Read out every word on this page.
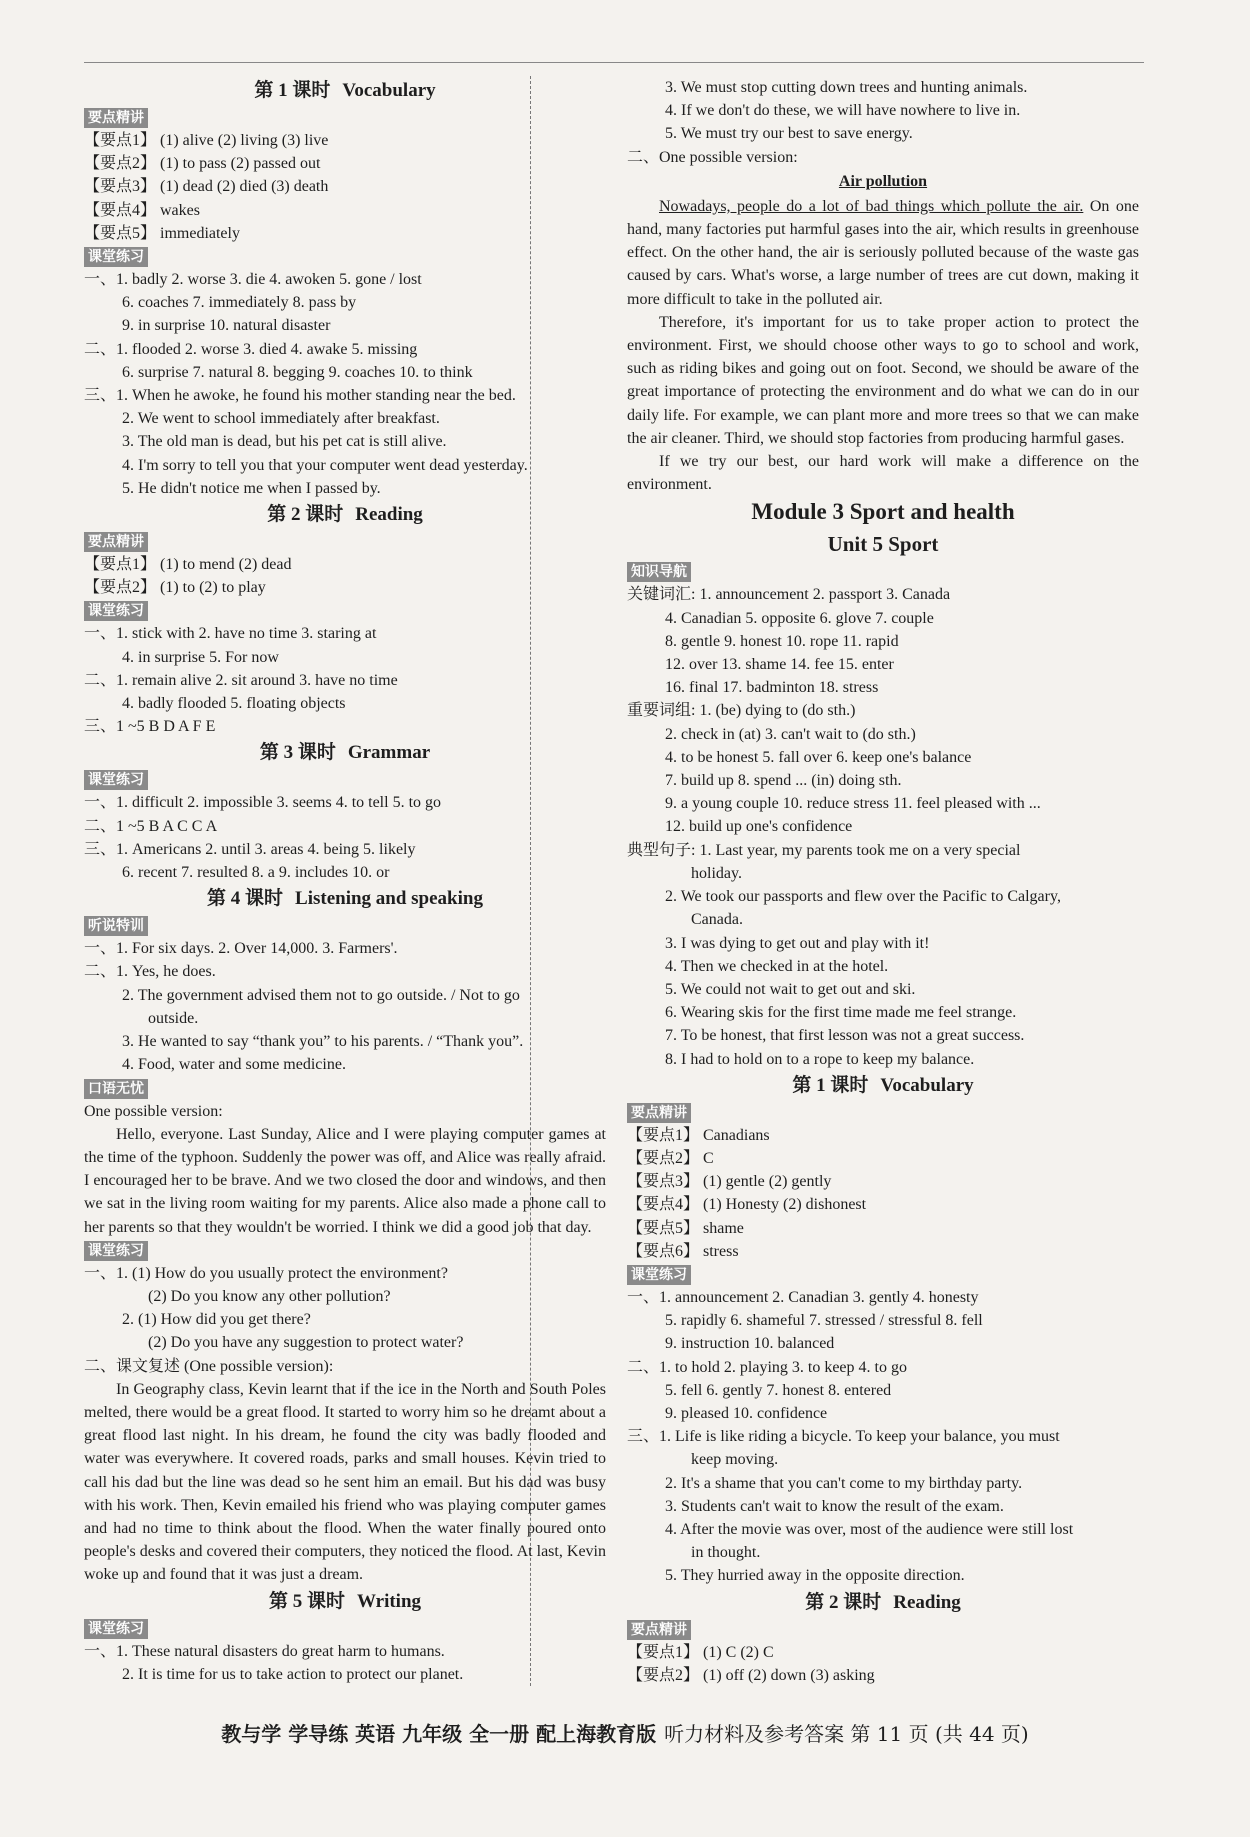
第 1 课时 Vocabulary
要点精讲
【要点1】 (1) alive (2) living (3) live
【要点2】 (1) to pass (2) passed out
【要点3】 (1) dead (2) died (3) death
【要点4】 wakes
【要点5】 immediately
课堂练习
一、1. badly 2. worse 3. die 4. awoken 5. gone / lost
6. coaches 7. immediately 8. pass by
9. in surprise 10. natural disaster
二、1. flooded 2. worse 3. died 4. awake 5. missing
6. surprise 7. natural 8. begging 9. coaches 10. to think
三、1. When he awoke, he found his mother standing near the bed.
2. We went to school immediately after breakfast.
3. The old man is dead, but his pet cat is still alive.
4. I'm sorry to tell you that your computer went dead yesterday.
5. He didn't notice me when I passed by.
第 2 课时 Reading
要点精讲
【要点1】 (1) to mend (2) dead
【要点2】 (1) to (2) to play
课堂练习
一、1. stick with 2. have no time 3. staring at
4. in surprise 5. For now
二、1. remain alive 2. sit around 3. have no time
4. badly flooded 5. floating objects
三、1 ~5 B D A F E
第 3 课时 Grammar
课堂练习
一、1. difficult 2. impossible 3. seems 4. to tell 5. to go
二、1 ~5 B A C C A
三、1. Americans 2. until 3. areas 4. being 5. likely
6. recent 7. resulted 8. a 9. includes 10. or
第 4 课时 Listening and speaking
听说特训
一、1. For six days. 2. Over 14,000. 3. Farmers'.
二、1. Yes, he does.
2. The government advised them not to go outside. / Not to go
outside.
3. He wanted to say “thank you” to his parents. / “Thank you”.
4. Food, water and some medicine.
口语无忧
One possible version:
Hello, everyone. Last Sunday, Alice and I were playing computer games at the time of the typhoon. Suddenly the power was off, and Alice was really afraid. I encouraged her to be brave. And we two closed the door and windows, and then we sat in the living room waiting for my parents. Alice also made a phone call to her parents so that they wouldn't be worried. I think we did a good job that day.
课堂练习
一、1. (1) How do you usually protect the environment?
(2) Do you know any other pollution?
2. (1) How did you get there?
(2) Do you have any suggestion to protect water?
二、课文复述 (One possible version):
In Geography class, Kevin learnt that if the ice in the North and South Poles melted, there would be a great flood. It started to worry him so he dreamt about a great flood last night. In his dream, he found the city was badly flooded and water was everywhere. It covered roads, parks and small houses. Kevin tried to call his dad but the line was dead so he sent him an email. But his dad was busy with his work. Then, Kevin emailed his friend who was playing computer games and had no time to think about the flood. When the water finally poured onto people's desks and covered their computers, they noticed the flood. At last, Kevin woke up and found that it was just a dream.
第 5 课时 Writing
课堂练习
一、1. These natural disasters do great harm to humans.
2. It is time for us to take action to protect our planet.
3. We must stop cutting down trees and hunting animals.
4. If we don't do these, we will have nowhere to live in.
5. We must try our best to save energy.
二、One possible version:
Air pollution
Nowadays, people do a lot of bad things which pollute the air. On one hand, many factories put harmful gases into the air, which results in greenhouse effect. On the other hand, the air is seriously polluted because of the waste gas caused by cars. What's worse, a large number of trees are cut down, making it more difficult to take in the polluted air.
Therefore, it's important for us to take proper action to protect the environment. First, we should choose other ways to go to school and work, such as riding bikes and going out on foot. Second, we should be aware of the great importance of protecting the environment and do what we can do in our daily life. For example, we can plant more and more trees so that we can make the air cleaner. Third, we should stop factories from producing harmful gases.
If we try our best, our hard work will make a difference on the environment.
Module 3 Sport and health
Unit 5 Sport
知识导航
关键词汇: 1. announcement 2. passport 3. Canada
4. Canadian 5. opposite 6. glove 7. couple
8. gentle 9. honest 10. rope 11. rapid
12. over 13. shame 14. fee 15. enter
16. final 17. badminton 18. stress
重要词组: 1. (be) dying to (do sth.)
2. check in (at) 3. can't wait to (do sth.)
4. to be honest 5. fall over 6. keep one's balance
7. build up 8. spend ... (in) doing sth.
9. a young couple 10. reduce stress 11. feel pleased with ...
12. build up one's confidence
典型句子: 1. Last year, my parents took me on a very special
holiday.
2. We took our passports and flew over the Pacific to Calgary,
Canada.
3. I was dying to get out and play with it!
4. Then we checked in at the hotel.
5. We could not wait to get out and ski.
6. Wearing skis for the first time made me feel strange.
7. To be honest, that first lesson was not a great success.
8. I had to hold on to a rope to keep my balance.
第 1 课时 Vocabulary
要点精讲
【要点1】 Canadians
【要点2】 C
【要点3】 (1) gentle (2) gently
【要点4】 (1) Honesty (2) dishonest
【要点5】 shame
【要点6】 stress
课堂练习
一、1. announcement 2. Canadian 3. gently 4. honesty
5. rapidly 6. shameful 7. stressed / stressful 8. fell
9. instruction 10. balanced
二、1. to hold 2. playing 3. to keep 4. to go
5. fell 6. gently 7. honest 8. entered
9. pleased 10. confidence
三、1. Life is like riding a bicycle. To keep your balance, you must
keep moving.
2. It's a shame that you can't come to my birthday party.
3. Students can't wait to know the result of the exam.
4. After the movie was over, most of the audience were still lost
in thought.
5. They hurried away in the opposite direction.
第 2 课时 Reading
要点精讲
【要点1】 (1) C (2) C
【要点2】 (1) off (2) down (3) asking
教与学 学导练 英语 九年级 全一册 配上海教育版 听力材料及参考答案 第 11 页 (共 44 页)
